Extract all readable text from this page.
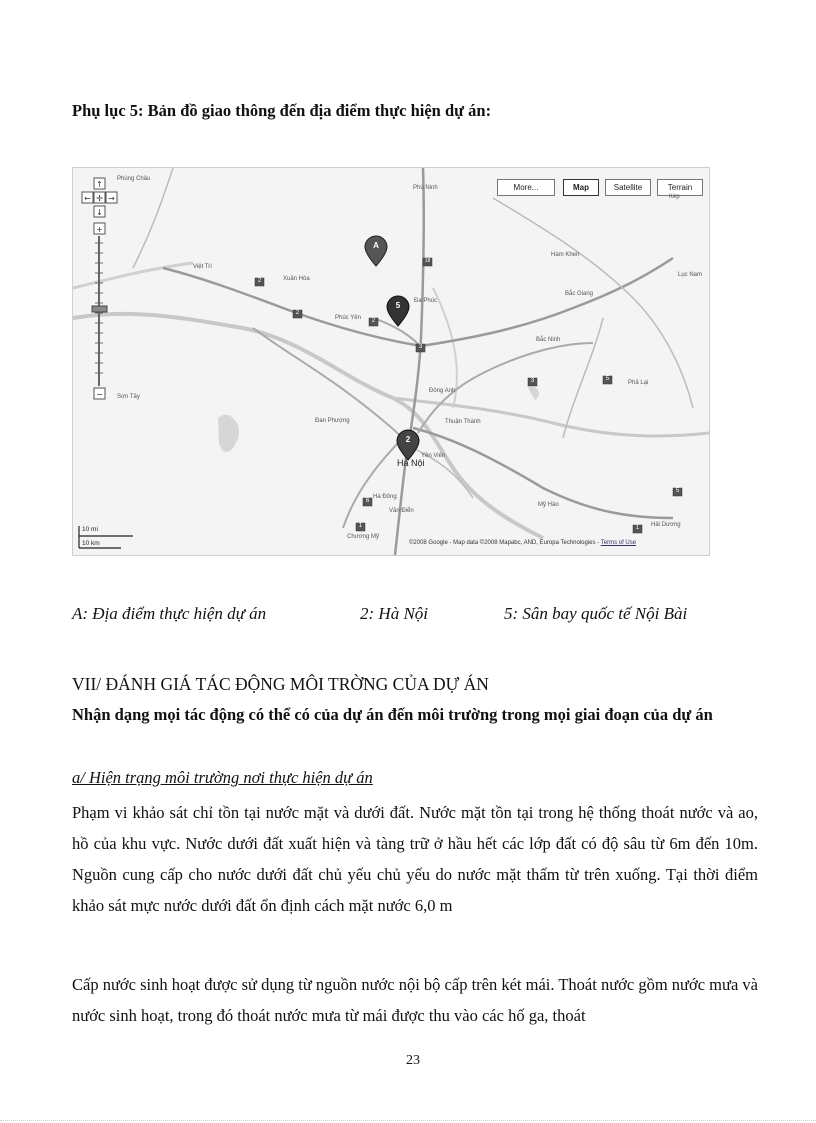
Phụ lục 5: Bản đồ giao thông đến địa điểm thực hiện dự án:
↑
← ✛ →
↓
+
−
More...	Map	Satellite	Terrain
Phùng Châu
Phù Ninh
Kép
Việt Trì
Xuân Hòa
Hàm Khen
Lục Nam
Bắc Giang
Đa Phúc
Phúc Yên
Bắc Ninh
Phả Lại
Đông Anh
Sơn Tây
Đan Phượng	Thuận Thành
Yên Viên
Hà Nội
Hà Đông
Văn Điển
Mỹ Hào
Hải Dương
Chương Mỹ
2
2
3
2
3	5
18
1
6
1
5
A
5
2
10 mi
10 km	©2008 Google - Map data ©2008 Mapabc, AND, Europa Technologies - Terms of Use
A: Địa điểm thực hiện dự án	2: Hà Nội	5: Sân bay quốc tế Nội Bài
VII/ ĐÁNH GIÁ TÁC ĐỘNG MÔI TRỜNG CỦA DỰ ÁN
Nhận dạng mọi tác động có thể có của dự án đến môi trường trong mọi giai đoạn của dự án
a/ Hiện trạng môi trường nơi thực hiện dự án
Phạm vi khảo sát chỉ tồn tại nước mặt và dưới đất. Nước mặt tồn tại trong hệ thống thoát nước và ao, hồ của khu vực. Nước dưới đất xuất hiện và tàng trữ ở hầu hết các lớp đất có độ sâu từ 6m đến 10m. Nguồn cung cấp cho nước dưới đất chủ yếu chủ yếu do nước mặt thấm từ trên xuống. Tại thời điểm khảo sát mực nước dưới đất ổn định cách mặt nước 6,0 m
Cấp nước sinh hoạt được sử dụng từ nguồn nước nội bộ cấp trên két mái. Thoát nước gồm nước mưa và nước sinh hoạt, trong đó thoát nước mưa từ mái được thu vào các hố ga, thoát
23
